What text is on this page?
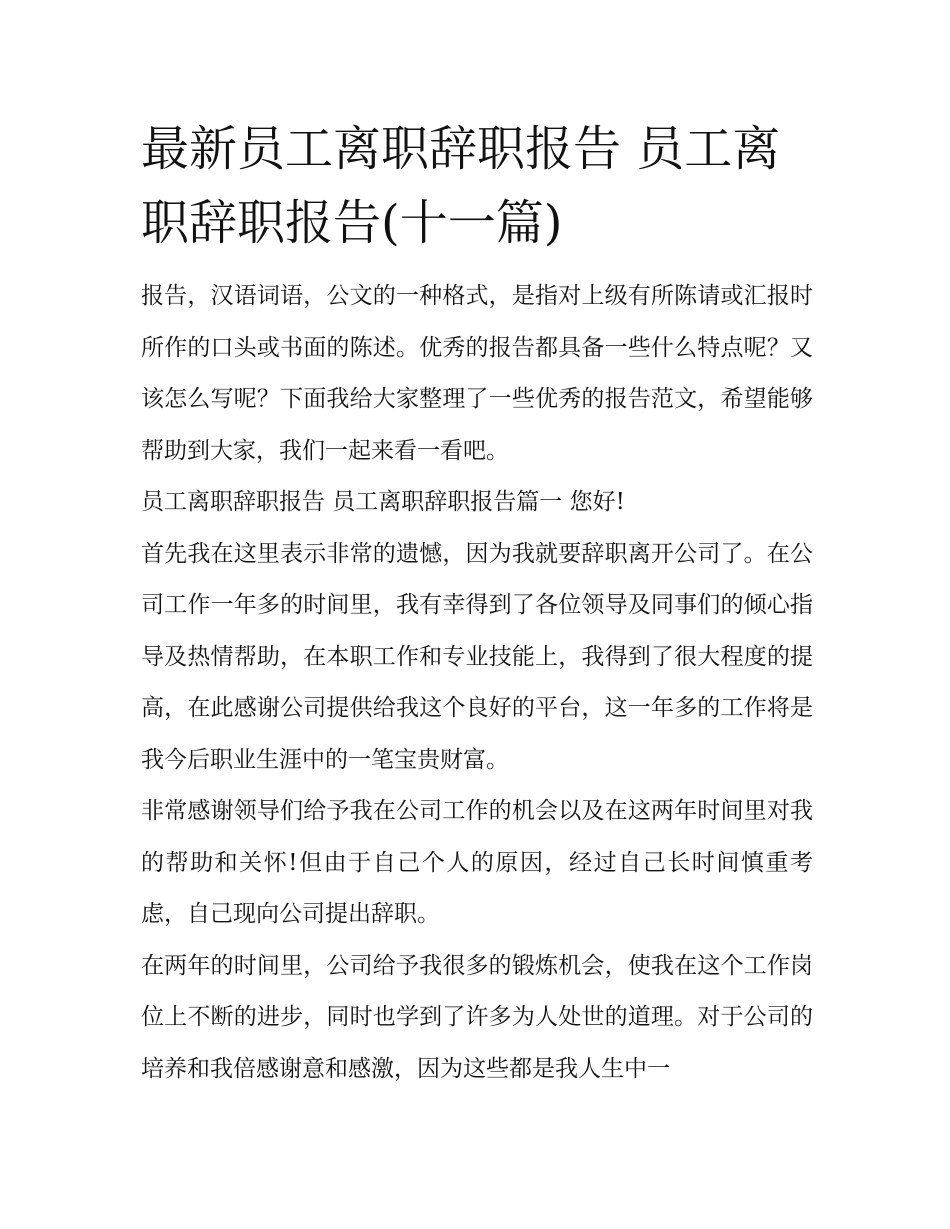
最新员工离职辞职报告 员工离职辞职报告(十一篇)

报告，汉语词语，公文的一种格式，是指对上级有所陈请或汇报时所作的口头或书面的陈述。优秀的报告都具备一些什么特点呢？又该怎么写呢？下面我给大家整理了一些优秀的报告范文，希望能够帮助到大家，我们一起来看一看吧。

员工离职辞职报告 员工离职辞职报告篇一 您好!

首先我在这里表示非常的遗憾，因为我就要辞职离开公司了。在公司工作一年多的时间里，我有幸得到了各位领导及同事们的倾心指导及热情帮助，在本职工作和专业技能上，我得到了很大程度的提高，在此感谢公司提供给我这个良好的平台，这一年多的工作将是我今后职业生涯中的一笔宝贵财富。

非常感谢领导们给予我在公司工作的机会以及在这两年时间里对我的帮助和关怀!但由于自己个人的原因，经过自己长时间慎重考虑，自己现向公司提出辞职。

在两年的时间里，公司给予我很多的锻炼机会，使我在这个工作岗位上不断的进步，同时也学到了许多为人处世的道理。对于公司的培养和我倍感谢意和感激，因为这些都是我人生中一
